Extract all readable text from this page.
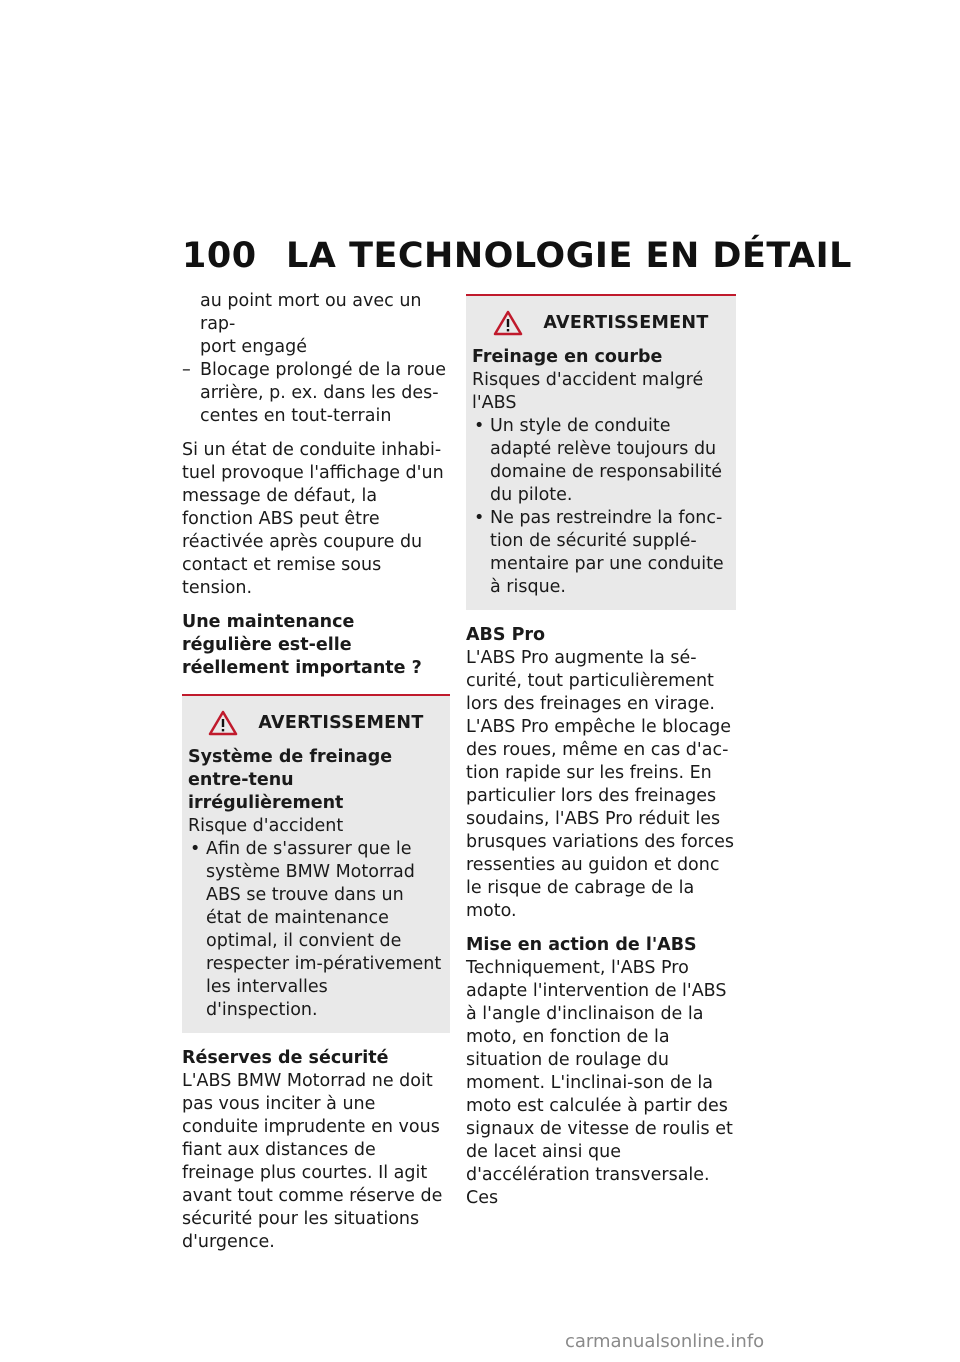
100 LA TECHNOLOGIE EN DÉTAIL
au point mort ou avec un rap-
port engagé

– Blocage prolongé de la roue arrière, p. ex. dans les des-centes en tout-terrain

Si un état de conduite inhabi-tuel provoque l'affichage d'un message de défaut, la fonction ABS peut être réactivée après coupure du contact et remise sous tension.

Une maintenance régulière est-elle réellement importante ?

AVERTISSEMENT
Système de freinage entre-tenu irrégulièrement
Risque d'accident
• Afin de s'assurer que le système BMW Motorrad ABS se trouve dans un état de maintenance optimal, il convient de respecter im-pérativement les intervalles d'inspection.
Réserves de sécurité

L'ABS BMW Motorrad ne doit pas vous inciter à une conduite imprudente en vous fiant aux distances de freinage plus courtes. Il agit avant tout comme réserve de sécurité pour les situations d'urgence.

AVERTISSEMENT
Freinage en courbe
Risques d'accident malgré l'ABS
• Un style de conduite adapté relève toujours du domaine de responsabilité du pilote.
• Ne pas restreindre la fonc-tion de sécurité supplé-mentaire par une conduite à risque.
ABS Pro

L'ABS Pro augmente la sé-curité, tout particulièrement lors des freinages en virage. L'ABS Pro empêche le blocage des roues, même en cas d'ac-tion rapide sur les freins. En particulier lors des freinages soudains, l'ABS Pro réduit les brusques variations des forces ressenties au guidon et donc le risque de cabrage de la moto.

Mise en action de l'ABS

Techniquement, l'ABS Pro adapte l'intervention de l'ABS à l'angle d'inclinaison de la moto, en fonction de la situation de roulage du moment. L'inclinai-son de la moto est calculée à partir des signaux de vitesse de roulis et de lacet ainsi que d'accélération transversale. Ces

carmanualsonline.info
